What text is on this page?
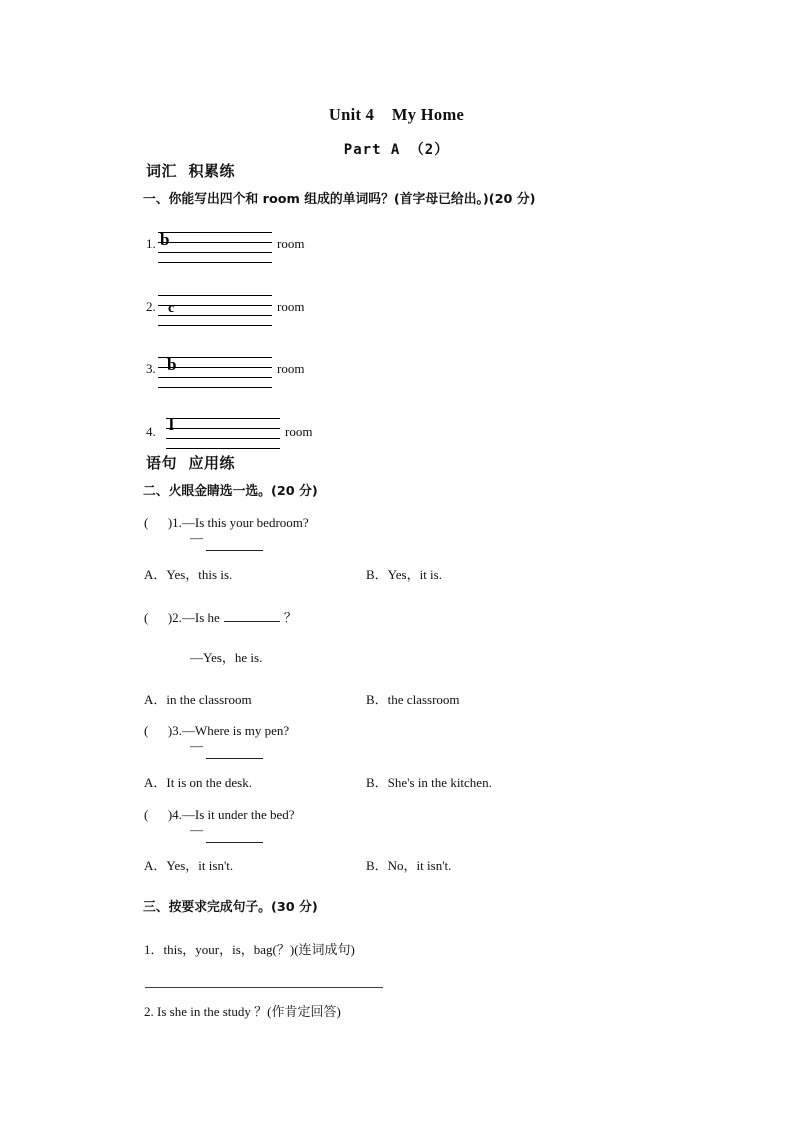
Unit 4    My Home
Part A （2）
词汇  积累练
一、你能写出四个和 room 组成的单词吗？(首字母已给出。)(20 分)
1. b	room
2. c	room
3. b	room
4. l	room
语句  应用练
二、火眼金睛选一选。(20 分)
(      )1.—Is this your bedroom?
—
A．Yes，this is.	B．Yes，it is.
(      )2.—Is he	？
—Yes，he is.
A．in the classroom	B．the classroom
(      )3.—Where is my pen?
—
A．It is on the desk.	B．She's in the kitchen.
(      )4.—Is it under the bed?
—
A．Yes，it isn't.	B．No，it isn't.
三、按要求完成句子。(30 分)
1．this，your，is，bag(？)(连词成句)
2. Is she in the study ？(作肯定回答)
